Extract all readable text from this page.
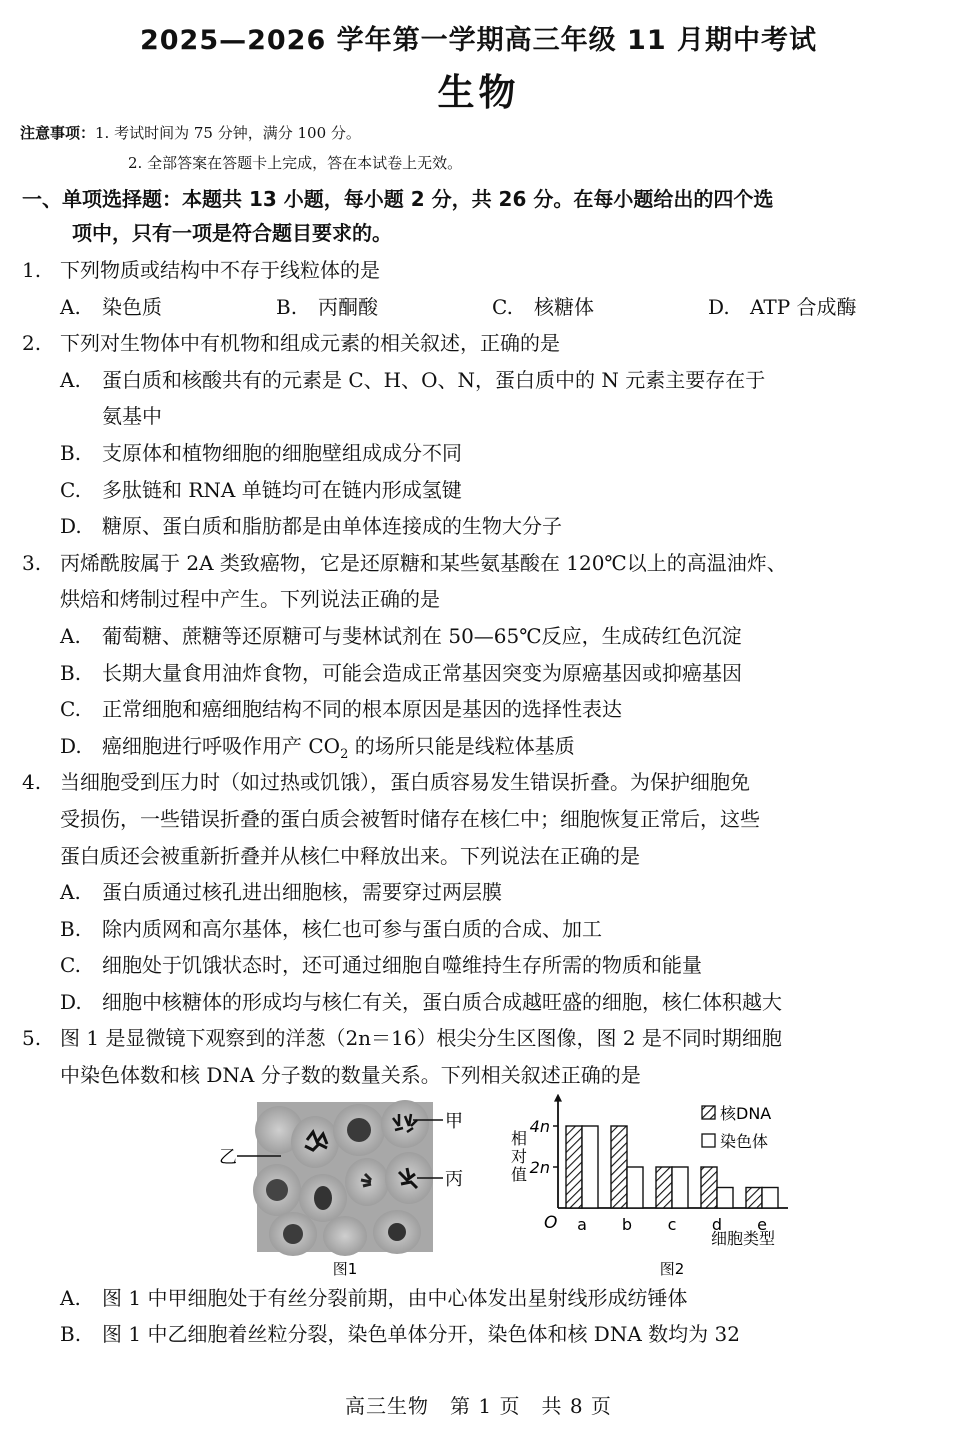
2025—2026 学年第一学期高三年级 11 月期中考试
生物
注意事项：1. 考试时间为 75 分钟，满分 100 分。
2. 全部答案在答题卡上完成，答在本试卷上无效。
一、单项选择题：本题共 13 小题，每小题 2 分，共 26 分。在每小题给出的四个选
项中，只有一项是符合题目要求的。
1. 下列物质或结构中不存于线粒体的是
A. 染色质	B. 丙酮酸	C. 核糖体	D. ATP 合成酶
2. 下列对生物体中有机物和组成元素的相关叙述，正确的是
A. 蛋白质和核酸共有的元素是 C、H、O、N，蛋白质中的 N 元素主要存在于
氨基中
B. 支原体和植物细胞的细胞壁组成成分不同
C. 多肽链和 RNA 单链均可在链内形成氢键
D. 糖原、蛋白质和脂肪都是由单体连接成的生物大分子
3. 丙烯酰胺属于 2A 类致癌物，它是还原糖和某些氨基酸在 120℃以上的高温油炸、
烘焙和烤制过程中产生。下列说法正确的是
A. 葡萄糖、蔗糖等还原糖可与斐林试剂在 50—65℃反应，生成砖红色沉淀
B. 长期大量食用油炸食物，可能会造成正常基因突变为原癌基因或抑癌基因
C. 正常细胞和癌细胞结构不同的根本原因是基因的选择性表达
D. 癌细胞进行呼吸作用产 $CO_2$ 的场所只能是线粒体基质
4. 当细胞受到压力时（如过热或饥饿），蛋白质容易发生错误折叠。为保护细胞免
受损伤，一些错误折叠的蛋白质会被暂时储存在核仁中；细胞恢复正常后，这些
蛋白质还会被重新折叠并从核仁中释放出来。下列说法在正确的是
A. 蛋白质通过核孔进出细胞核，需要穿过两层膜
B. 除内质网和高尔基体，核仁也可参与蛋白质的合成、加工
C. 细胞处于饥饿状态时，还可通过细胞自噬维持生存所需的物质和能量
D. 细胞中核糖体的形成均与核仁有关，蛋白质合成越旺盛的细胞，核仁体积越大
5. 图 1 是显微镜下观察到的洋葱（2n＝16）根尖分生区图像，图 2 是不同时期细胞
中染色体数和核 DNA 分子数的数量关系。下列相关叙述正确的是
乙
甲
丙
图1
2n
4n
相对值
O a b c d e
核DNA
染色体
细胞类型
图2
A. 图 1 中甲细胞处于有丝分裂前期，由中心体发出星射线形成纺锤体
B. 图 1 中乙细胞着丝粒分裂，染色单体分开，染色体和核 DNA 数均为 32
高三生物　第 1 页　共 8 页
